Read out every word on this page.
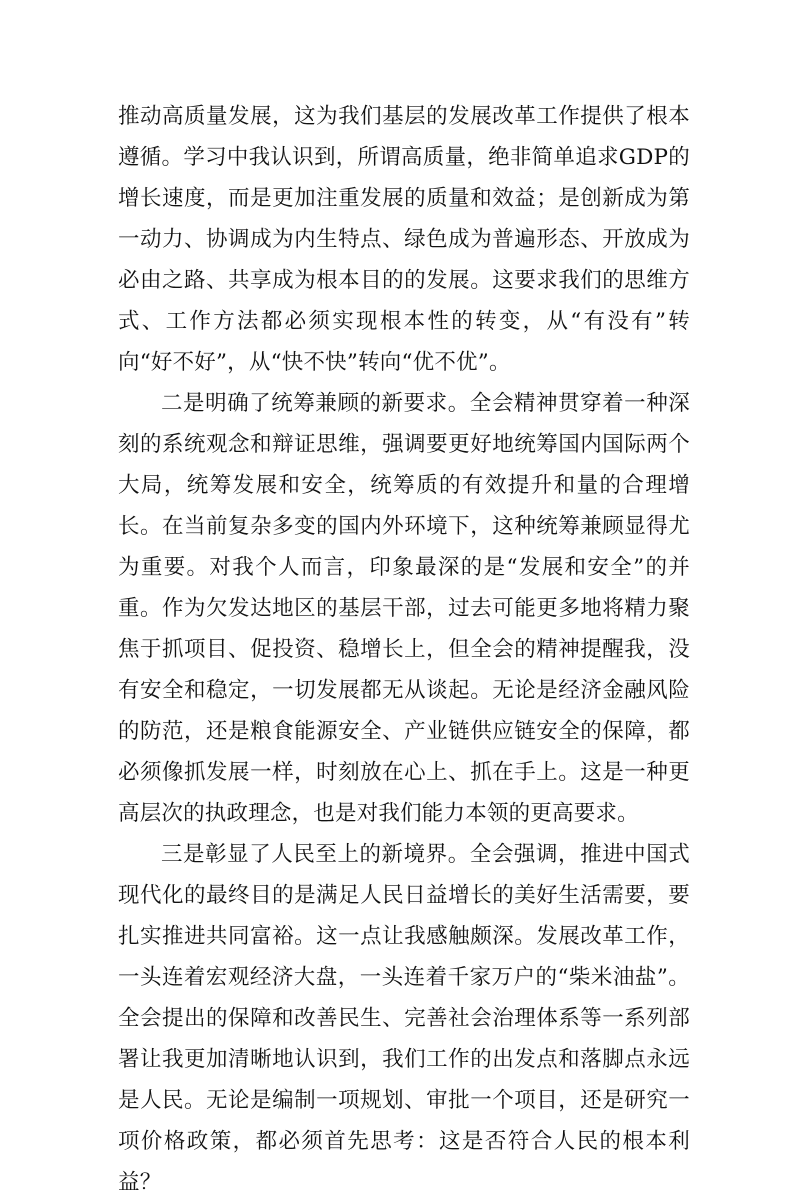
推动高质量发展，这为我们基层的发展改革工作提供了根本遵循。学习中我认识到，所谓高质量，绝非简单追求GDP的增长速度，而是更加注重发展的质量和效益；是创新成为第一动力、协调成为内生特点、绿色成为普遍形态、开放成为必由之路、共享成为根本目的的发展。这要求我们的思维方式、工作方法都必须实现根本性的转变，从“有没有”转向“好不好”，从“快不快”转向“优不优”。

二是明确了统筹兼顾的新要求。全会精神贯穿着一种深刻的系统观念和辩证思维，强调要更好地统筹国内国际两个大局，统筹发展和安全，统筹质的有效提升和量的合理增长。在当前复杂多变的国内外环境下，这种统筹兼顾显得尤为重要。对我个人而言，印象最深的是“发展和安全”的并重。作为欠发达地区的基层干部，过去可能更多地将精力聚焦于抓项目、促投资、稳增长上，但全会的精神提醒我，没有安全和稳定，一切发展都无从谈起。无论是经济金融风险的防范，还是粮食能源安全、产业链供应链安全的保障，都必须像抓发展一样，时刻放在心上、抓在手上。这是一种更高层次的执政理念，也是对我们能力本领的更高要求。

三是彰显了人民至上的新境界。全会强调，推进中国式现代化的最终目的是满足人民日益增长的美好生活需要，要扎实推进共同富裕。这一点让我感触颇深。发展改革工作，一头连着宏观经济大盘，一头连着千家万户的“柴米油盐”。全会提出的保障和改善民生、完善社会治理体系等一系列部署让我更加清晰地认识到，我们工作的出发点和落脚点永远是人民。无论是编制一项规划、审批一个项目，还是研究一项价格政策，都必须首先思考：这是否符合人民的根本利益？
